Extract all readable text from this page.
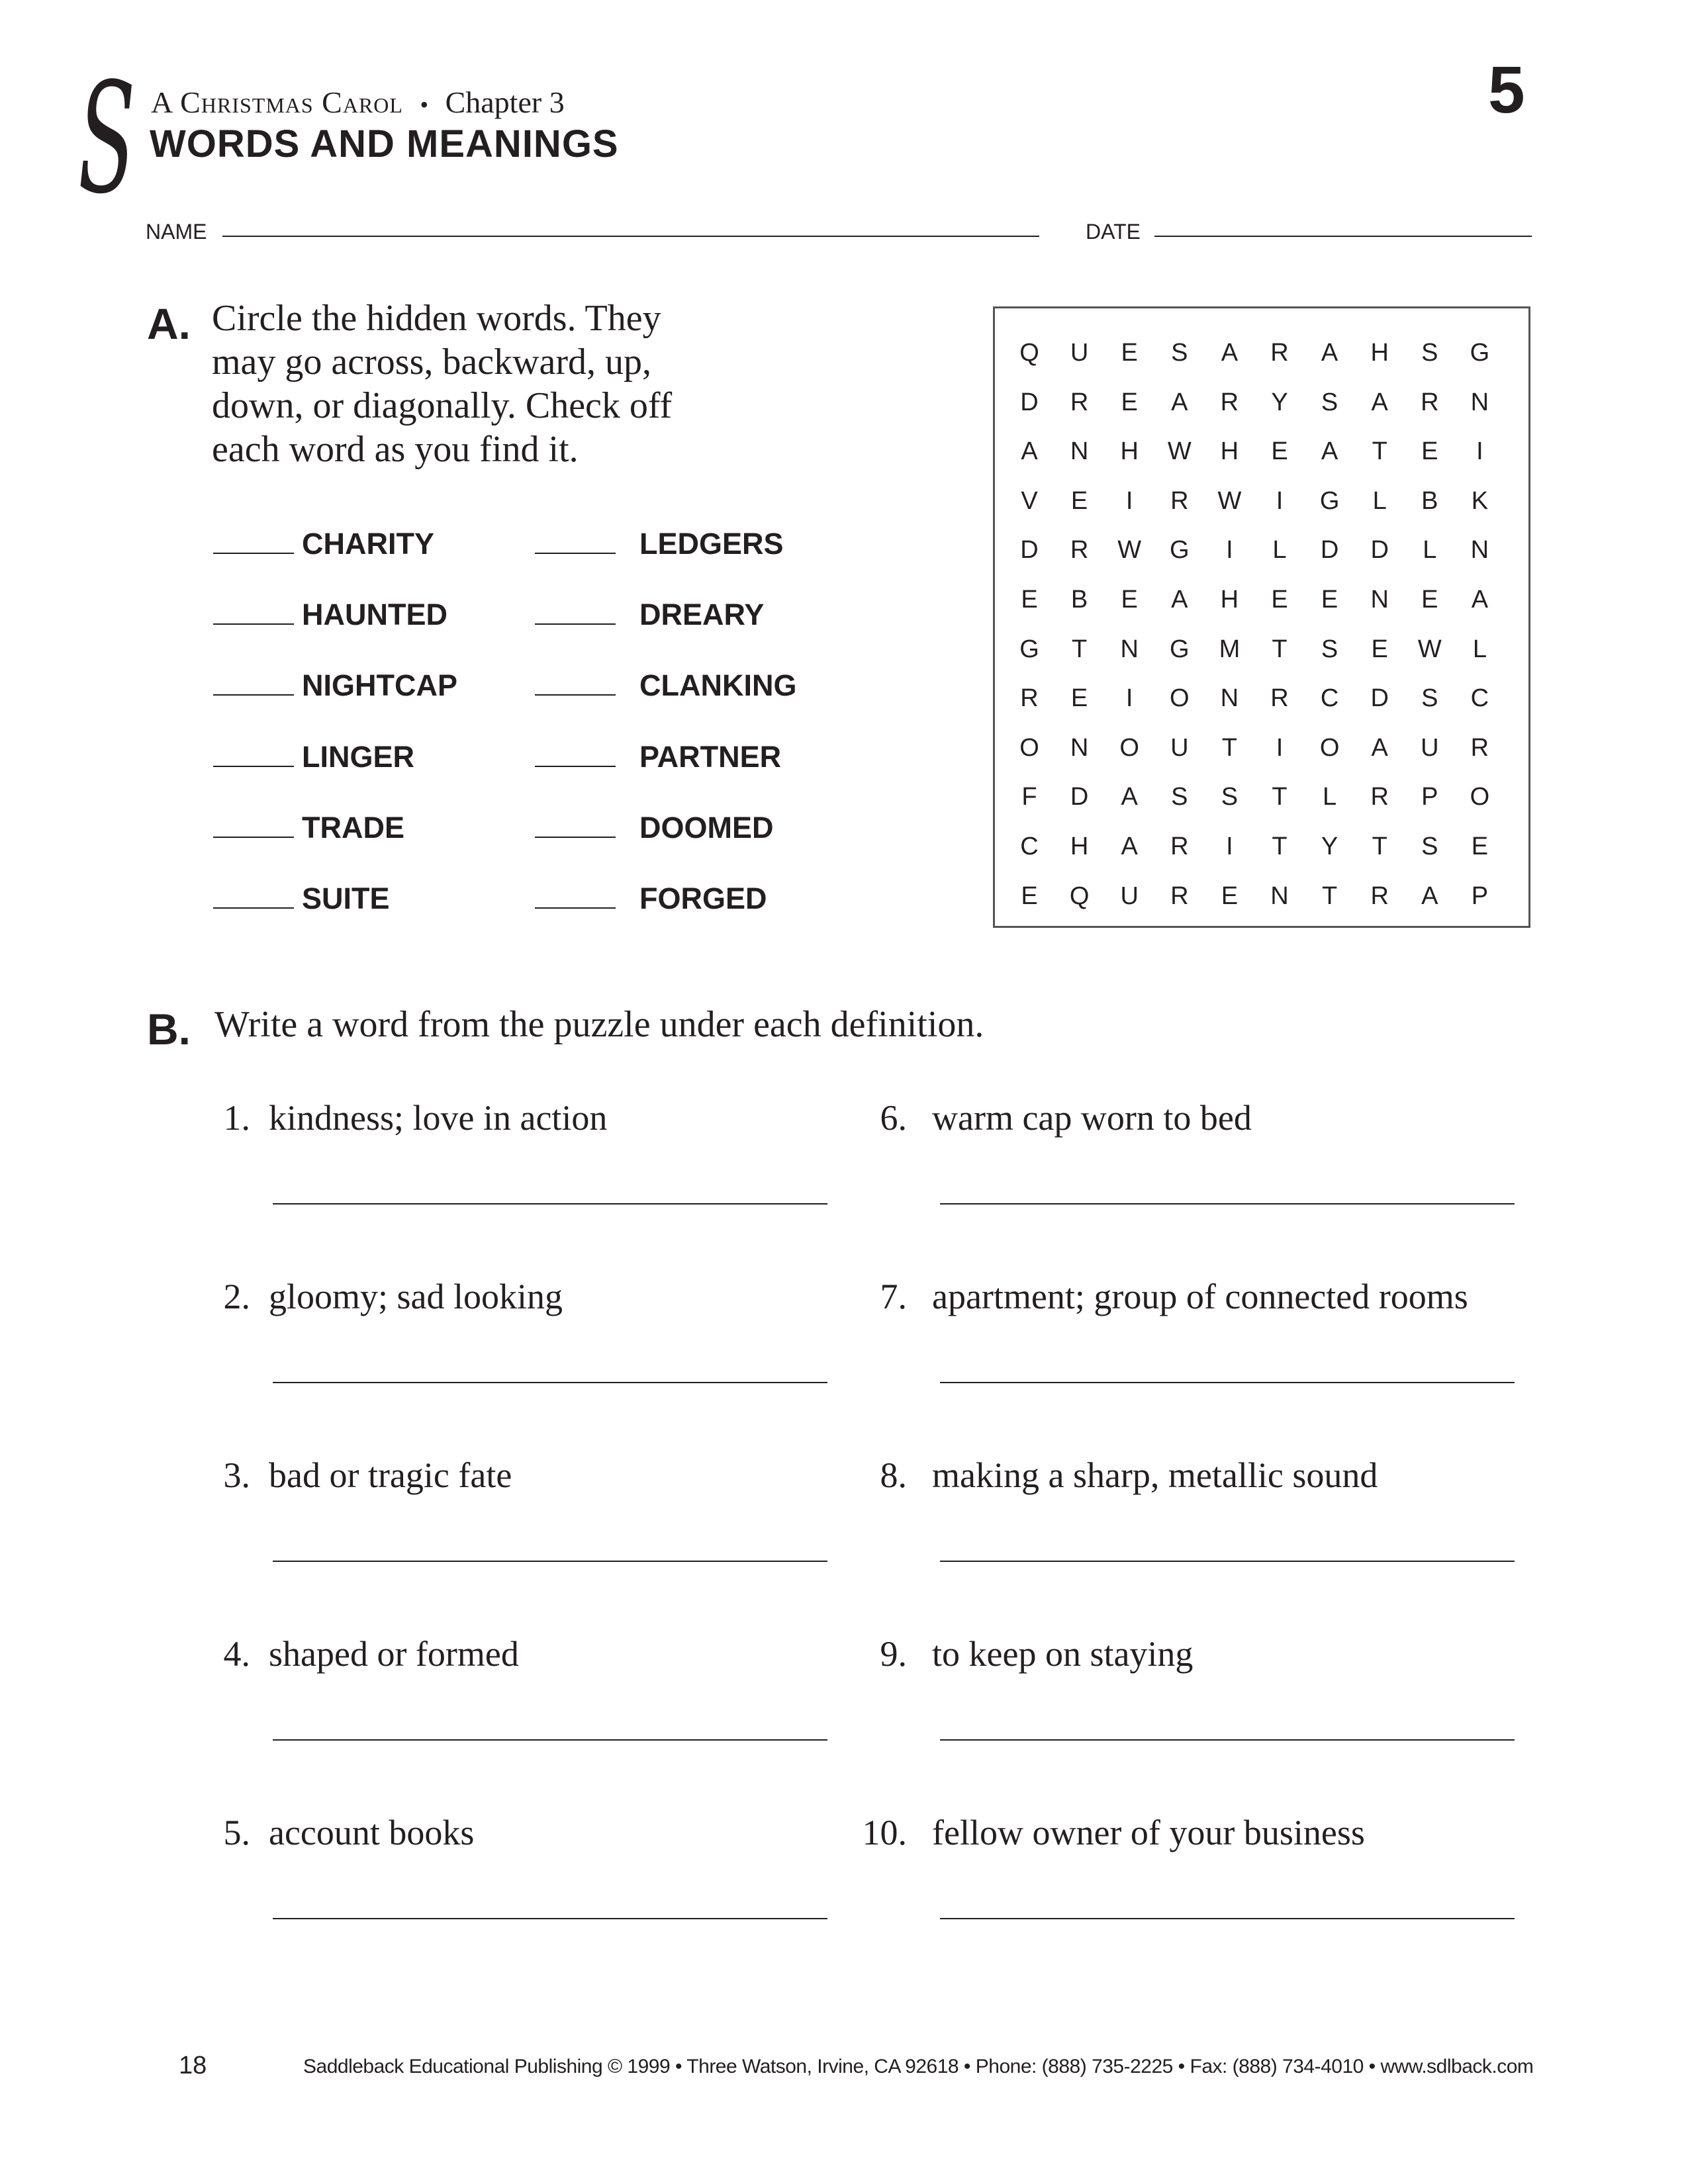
S A Christmas Carol • Chapter 3
WORDS AND MEANINGS
5
NAME	DATE
A. Circle the hidden words. They
may go across, backward, up,
down, or diagonally. Check off
each word as you find it.
CHARITY
HAUNTED
NIGHTCAP
LINGER
TRADE
SUITE
LEDGERS
DREARY
CLANKING
PARTNER
DOOMED
FORGED
Q	U	E	S	A	R	A	H	S	G
D	R	E	A	R	Y	S	A	R	N
A	N	H	W	H	E	A	T	E	I
V	E	I	R	W	I	G	L	B	K
D	R	W	G	I	L	D	D	L	N
E	B	E	A	H	E	E	N	E	A
G	T	N	G	M	T	S	E	W	L
R	E	I	O	N	R	C	D	S	C
O	N	O	U	T	I	O	A	U	R
F	D	A	S	S	T	L	R	P	O
C	H	A	R	I	T	Y	T	S	E
E	Q	U	R	E	N	T	R	A	P
B. Write a word from the puzzle under each definition.
1. kindness; love in action
2. gloomy; sad looking
3. bad or tragic fate
4. shaped or formed
5. account books
6. warm cap worn to bed
7. apartment; group of connected rooms
8. making a sharp, metallic sound
9. to keep on staying
10. fellow owner of your business
18	Saddleback Educational Publishing © 1999 • Three Watson, Irvine, CA 92618 • Phone: (888) 735-2225 • Fax: (888) 734-4010 • www.sdlback.com
